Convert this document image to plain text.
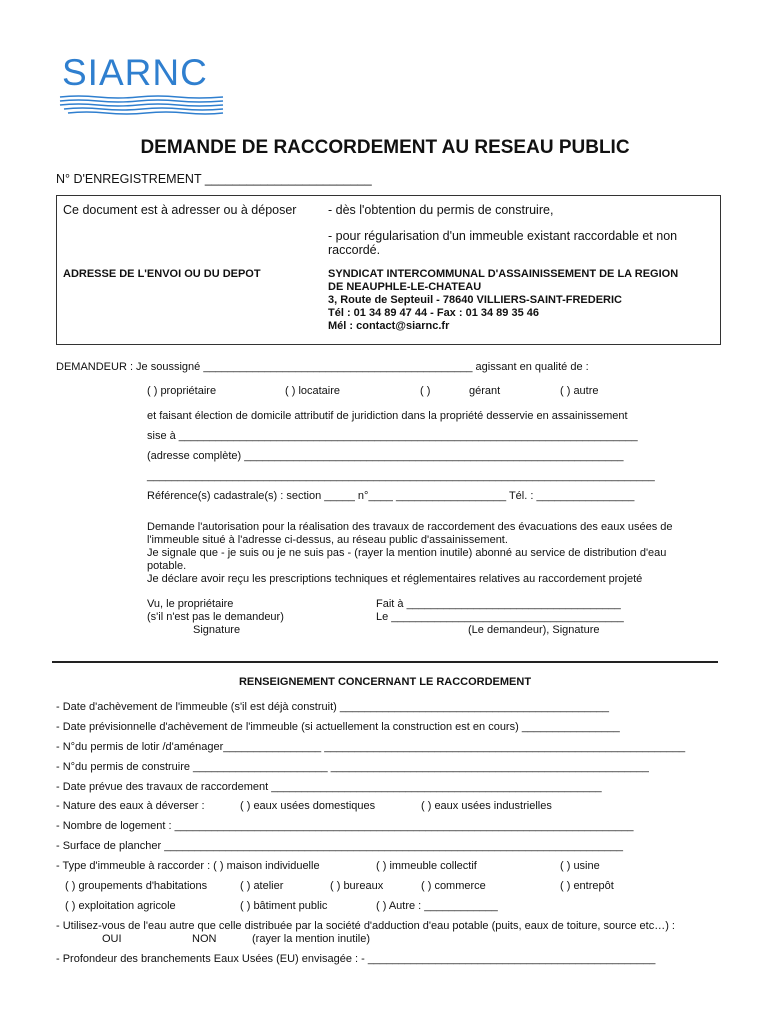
SIARNC
DEMANDE DE RACCORDEMENT AU RESEAU PUBLIC
N° D'ENREGISTREMENT ________________________
Ce document est à adresser ou à déposer	- dès l'obtention du permis de construire,
- pour régularisation d'un immeuble existant raccordable et non
raccordé.
ADRESSE DE L'ENVOI OU DU DEPOT	SYNDICAT INTERCOMMUNAL D'ASSAINISSEMENT DE LA REGION
DE NEAUPHLE-LE-CHATEAU
3, Route de Septeuil - 78640 VILLIERS-SAINT-FREDERIC
Tél : 01 34 89 47 44 - Fax : 01 34 89 35 46
Mél : contact@siarnc.fr
DEMANDEUR : Je soussigné ____________________________________________ agissant en qualité de :
( ) propriétaire	( ) locataire	( )	gérant	( ) autre
et faisant élection de domicile attributif de juridiction dans la propriété desservie en assainissement
sise à ___________________________________________________________________________
(adresse complète) ______________________________________________________________
___________________________________________________________________________________
Référence(s) cadastrale(s) : section _____ n°____ __________________ Tél. : ________________
Demande l'autorisation pour la réalisation des travaux de raccordement des évacuations des eaux usées de
l'immeuble situé à l'adresse ci-dessus, au réseau public d'assainissement.
Je signale que - je suis ou je ne suis pas - (rayer la mention inutile) abonné au service de distribution d'eau
potable.
Je déclare avoir reçu les prescriptions techniques et réglementaires relatives au raccordement projeté
Vu, le propriétaire
(s'il n'est pas le demandeur)
Signature
Fait à ___________________________________
Le ______________________________________
(Le demandeur), Signature
RENSEIGNEMENT CONCERNANT LE RACCORDEMENT
- Date d'achèvement de l'immeuble (s'il est déjà construit) ____________________________________________
- Date prévisionnelle d'achèvement de l'immeuble (si actuellement la construction est en cours) ________________
- N°du permis de lotir /d'aménager________________ ___________________________________________________________
- N°du permis de construire ______________________ ____________________________________________________
- Date prévue des travaux de raccordement ______________________________________________________
- Nature des eaux à déverser :	( ) eaux usées domestiques	( ) eaux usées industrielles
- Nombre de logement : ___________________________________________________________________________
- Surface de plancher ___________________________________________________________________________
- Type d'immeuble à raccorder : ( ) maison individuelle	( ) immeuble collectif	( ) usine
( ) groupements d'habitations	( ) atelier	( ) bureaux	( ) commerce	( ) entrepôt
( ) exploitation agricole	( ) bâtiment public	( ) Autre : ____________
- Utilisez-vous de l'eau autre que celle distribuée par la société d'adduction d'eau potable (puits, eaux de toiture, source etc…) :
OUI	NON	(rayer la mention inutile)
- Profondeur des branchements Eaux Usées (EU) envisagée : - _______________________________________________
